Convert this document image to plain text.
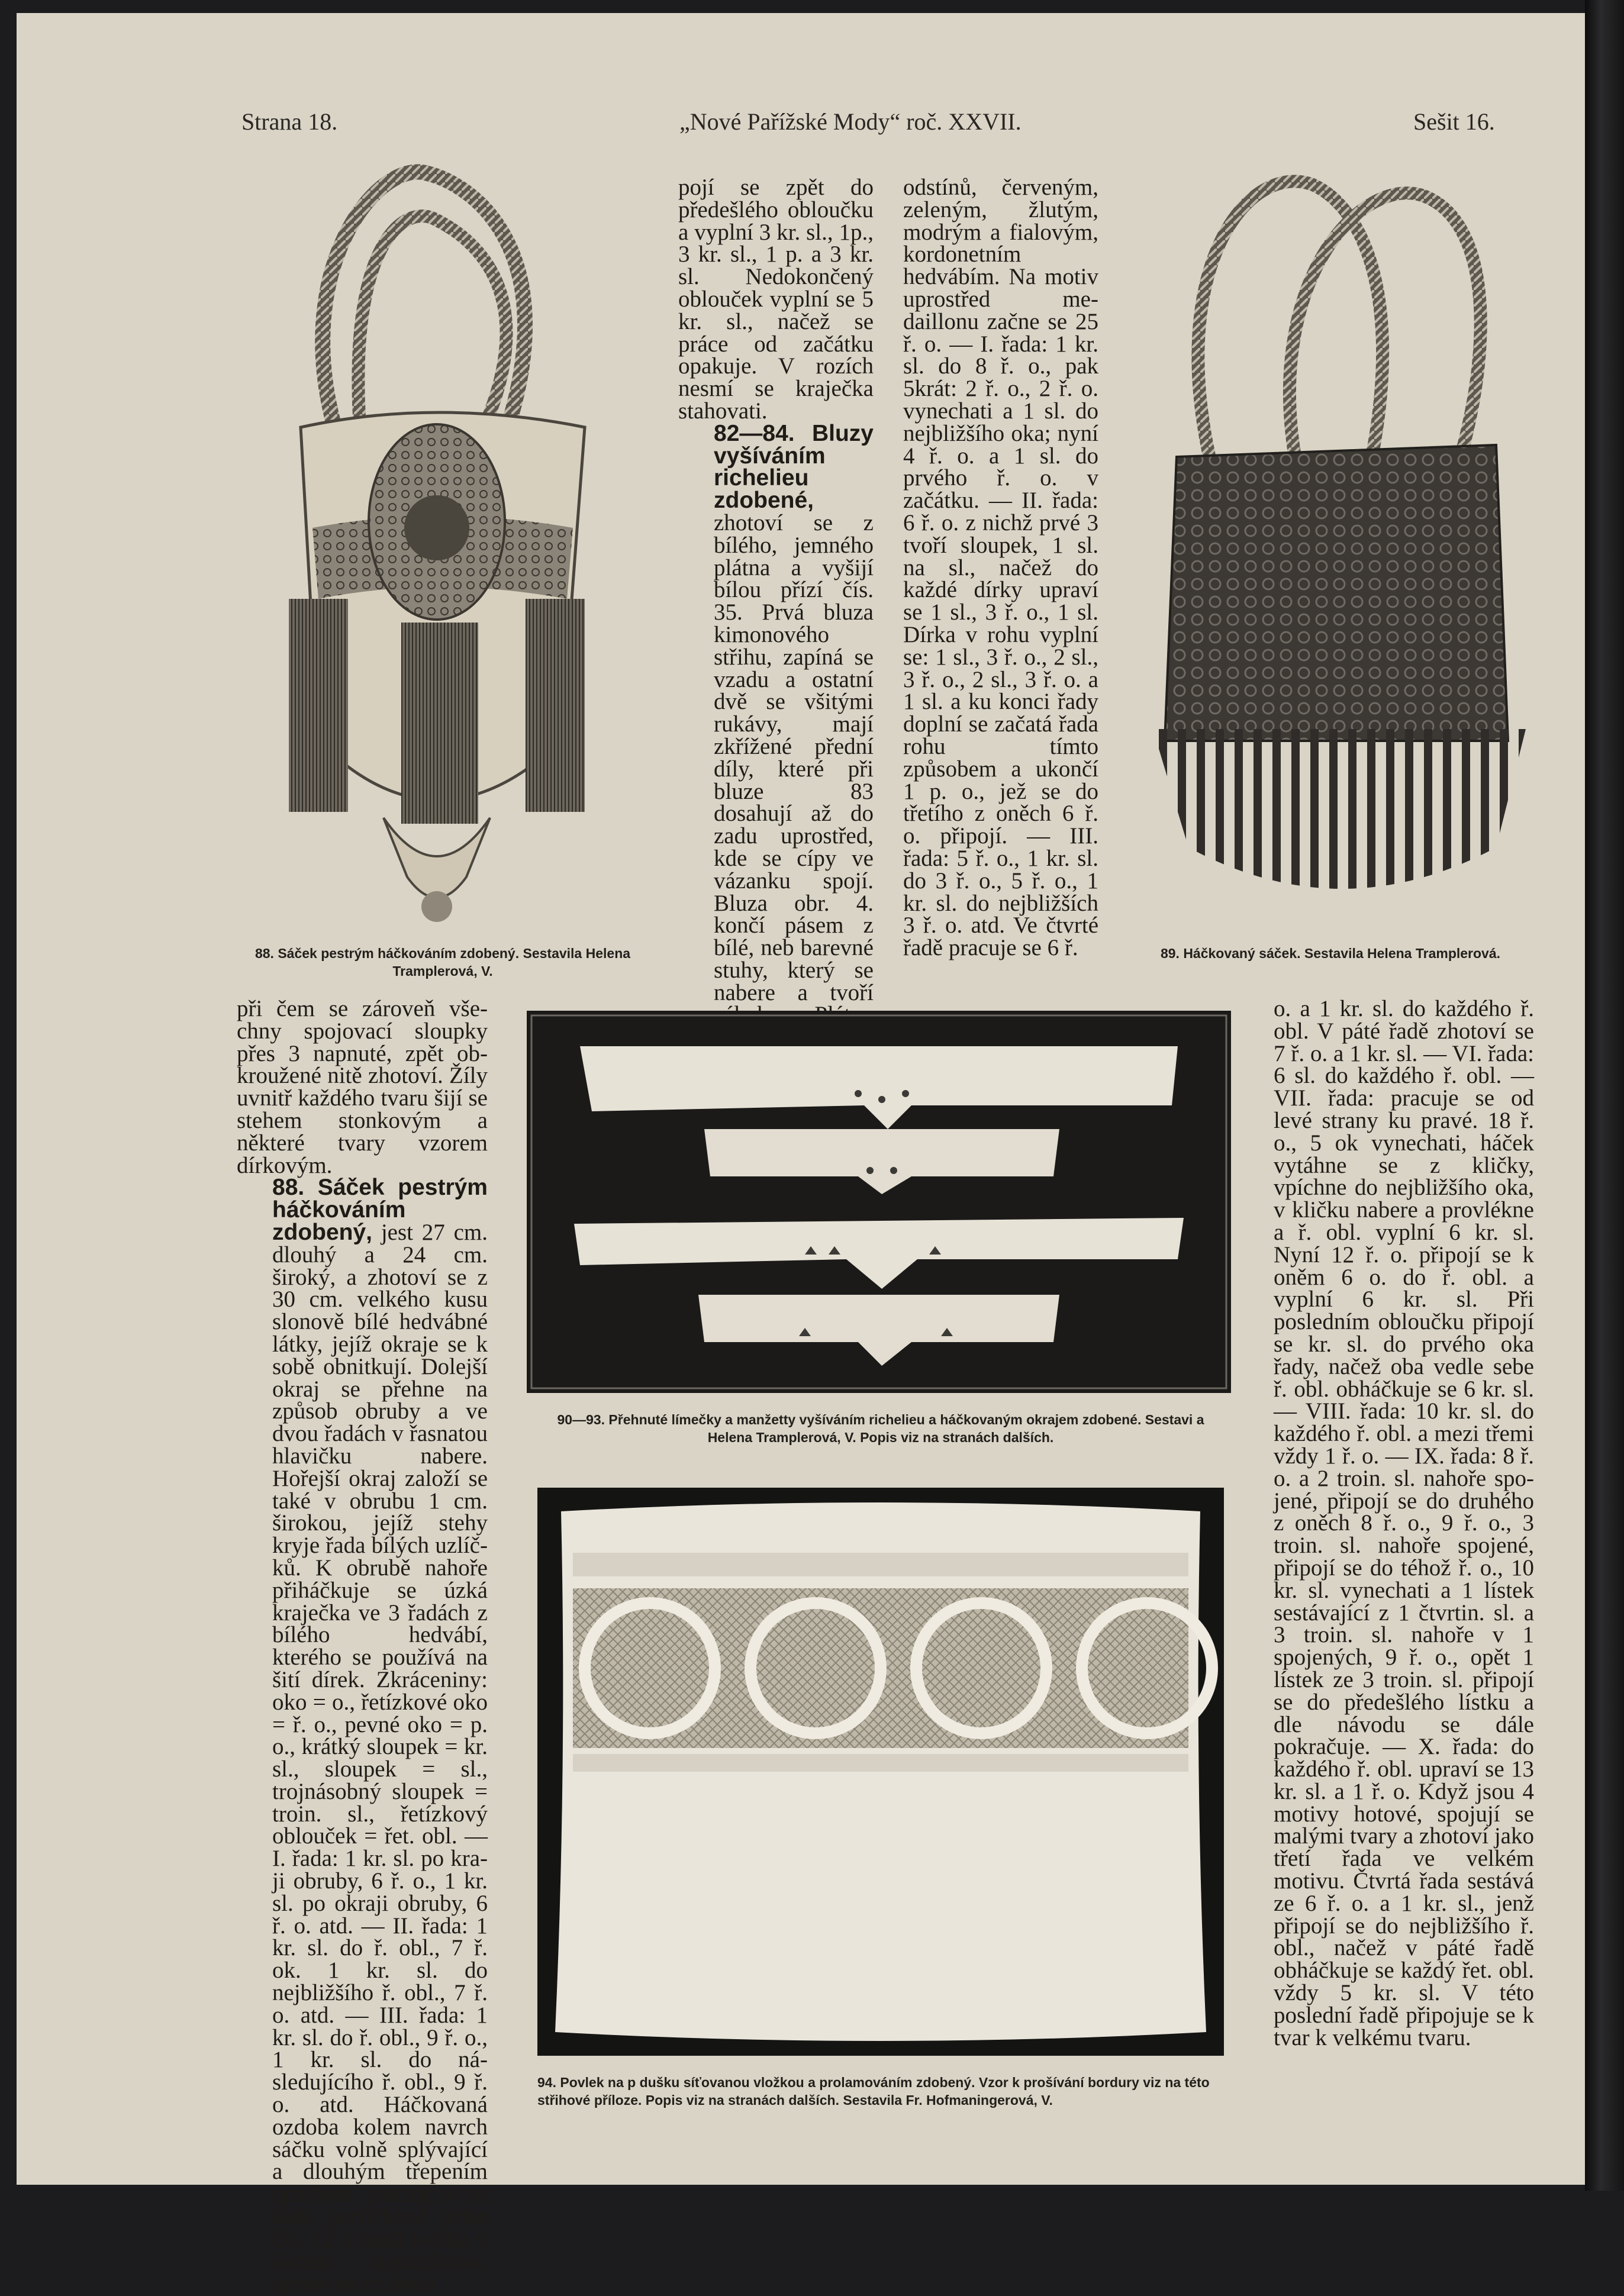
Strana 18.	„Nové Pařížské Mody“ roč. XXVII.	Sešit 16.
88. Sáček pestrým háčkováním zdobený. Sestavila Helena Tramplerová, V.

pojí se zpět do předešlého obloučku a vyplní 3 kr. sl., 1p., 3 kr. sl., 1 p. a 3 kr. sl. Nedokončený oblouček vyplní se 5 kr. sl., načež se práce od začátku opakuje. V rozích nesmí se kraječka stahovati.

82—84. Bluzy vyšíváním richelieu zdobené, zhotoví se z bílého, jemného plátna a vyšijí bílou přízí čís. 35. Prvá bluza kimonového střihu, zapíná se vzadu a ostatní dvě se všitými rukávy, mají zkřížené přední díly, které při bluze 83 dosahují až do zadu uprostřed, kde se cípy ve vázanku spojí. Bluza obr. 4. končí pásem z bílé, neb barevné stuhy, který se nabere a tvoří

odstínů, červeným, zeleným, žlutým, modrým a fialovým, kordonetním hedvábím. Na motiv uprostřed medaillonu začne se 25 ř. o. — I. řada: 1 kr. sl. do 8 ř. o., pak 5krát: 2 ř. o., 2 ř. o. vynechati a 1 sl. do nejbližšího oka; nyní 4 ř. o. a 1 sl. do prvého ř. o. v začátku. — II. řada: 6 ř. o. z nichž prvé 3 tvoří sloupek, 1 sl. na sl., načež do každé dírky upraví se 1 sl., 3 ř. o., 1 sl. Dírka v rohu vyplní se: 1 sl., 3 ř. o., 2 sl., 3 ř. o., 2 sl., 3 ř. o. a 1 sl. a ku konci řady doplní se začatá řada rohu tímto způsobem a ukončí 1 p. o., jež se do třetího z oněch 6 ř. o. připojí. — III. řada: 5 ř. o., 1 kr. sl. do 3 ř. o., 5 ř. o., 1 kr. sl. do nejbližších 3 ř. o. atd. Ve čtvrté řadě pracuje se 6 ř.	89. Háčkovaný sáček. Sestavila Helena Tramplerová.

při čem se zároveň všechny spojovací sloupky přes 3 napnuté, zpět obkroužené nitě zhotoví. Žíly uvnitř každého tvaru šijí se stehem stonkovým a některé tvary vzorem dírkovým.

88. Sáček pestrým háčkováním zdobený, jest 27 cm. dlouhý a 24 cm. široký, a zhotoví se z 30 cm. velkého kusu slonově bílé hedvábné látky, jejíž okraje se k sobě obnitkují. Dolejší okraj se přehne na způsob obruby a ve dvou řadách v řasnatou hlavičku nabere. Hořejší okraj založí se také v obrubu 1 cm. širokou, jejíž stehy kryje řada bílých uzlíčků. K obrubě nahoře přiháčkuje se úzká kraječka ve 3 řadách z bílého hedvábí, kterého se používá na šití dírek. Zkráceniny: oko = o., řetízkové oko = ř. o., pevné oko = p. o., krátký sloupek = kr. sl., sloupek = sl., trojnásobný sloupek = troin. sl., řetízkový oblouček = řet. obl. — I. řada: 1 kr. sl. po kraji obruby, 6 ř. o., 1 kr. sl. po okraji obruby, 6 ř. o. atd. — II. řada: 1 kr. sl. do ř. obl., 7 ř. ok. 1 kr. sl. do nejbližšího ř. obl., 7 ř. o. atd. — III. řada: 1 kr. sl. do ř. obl., 9 ř. o., 1 kr. sl. do následujícího ř. obl., 9 ř. o. atd. Háčkovaná ozdoba kolem navrch sáčku volně splývající a dlouhým třepením opatřená, pracuje se ze šedé perličkové příze čís. 12 a malá kvítka v šedém medaillonku upraví se ze dvou

90—93. Přehnuté límečky a manžetty vyšíváním richelieu a háčkovaným okrajem zdobené. Sestavi a Helena Tramplerová, V. Popis viz na stranách dalších.
94. Povlek na p dušku síťovanou vložkou a prolamováním zdobený. Vzor k prošívání bordury viz na této střihové příloze. Popis viz na stranách dalších. Sestavila Fr. Hofmaningerová, V.

o. a 1 kr. sl. do každého ř. obl. V páté řadě zhotoví se 7 ř. o. a 1 kr. sl. — VI. řada: 6 sl. do každého ř. obl. — VII. řada: pracuje se od levé strany ku pravé. 18 ř. o., 5 ok vynechati, háček vytáhne se z kličky, vpíchne do nejbližšího oka, v kličku nabere a provlékne a ř. obl. vyplní 6 kr. sl. Nyní 12 ř. o. připojí se k oněm 6 o. do ř. obl. a vyplní 6 kr. sl. Při posledním obloučku připojí se kr. sl. do prvého oka řady, načež oba vedle sebe ř. obl. obháčkuje se 6 kr. sl. — VIII. řada: 10 kr. sl. do každého ř. obl. a mezi třemi vždy 1 ř. o. — IX. řada: 8 ř. o. a 2 troin. sl. nahoře spojené, připojí se do druhého z oněch 8 ř. o., 9 ř. o., 3 troin. sl. nahoře spojené, připojí se do téhož ř. o., 10 kr. sl. vynechati a 1 lístek sestávající z 1 čtvrtin. sl. a 3 troin. sl. nahoře v 1 spojených, 9 ř. o., opět 1 lístek ze 3 troin. sl. připojí se do předešlého lístku a dle návodu se dále pokračuje. — X. řada: do každého ř. obl. upraví se 13 kr. sl. a 1 ř. o. Když jsou 4 motivy hotové, spojují se malými tvary a zhotoví jako třetí řada ve velkém motivu. Čtvrtá řada sestává ze 6 ř. o. a 1 kr. sl., jenž připojí se do nejbližšího ř. obl., načež v páté řadě obháčkuje se každý řet. obl. vždy 5 kr. sl. V této poslední řadě připojuje se k tvar k velkému tvaru.
